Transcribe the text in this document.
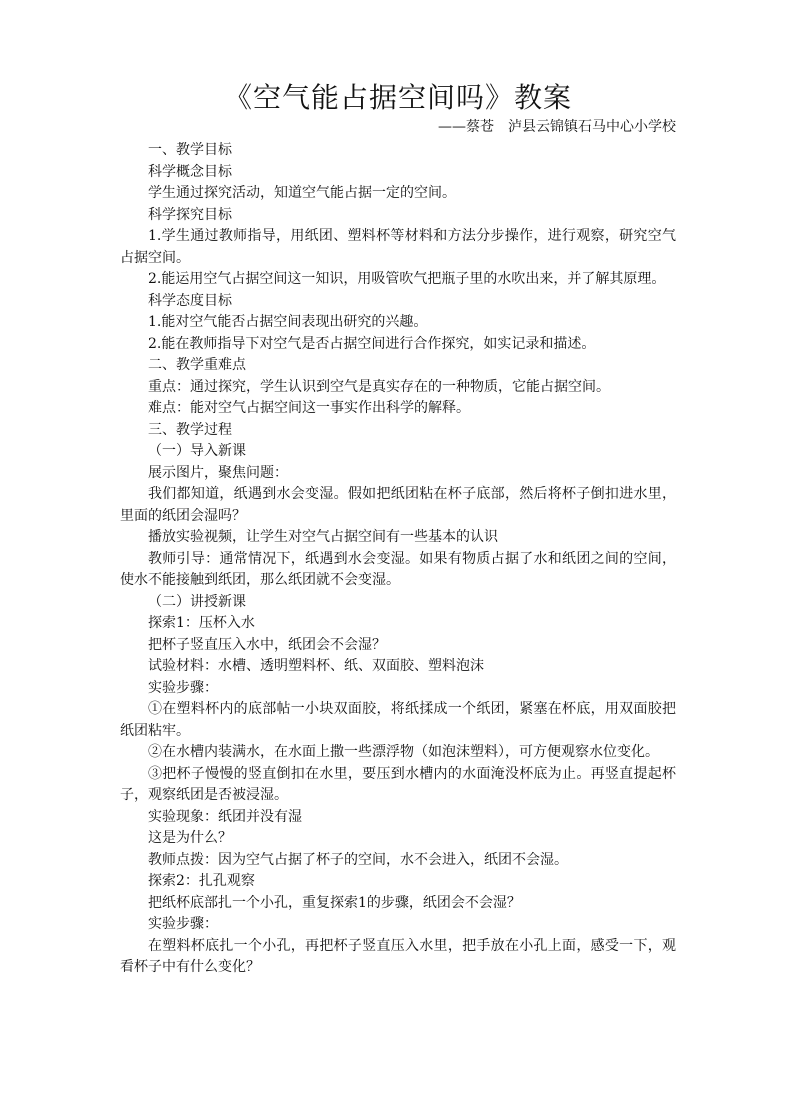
《空气能占据空间吗》教案
——蔡苍　泸县云锦镇石马中心小学校

一、教学目标

科学概念目标

学生通过探究活动，知道空气能占据一定的空间。

科学探究目标

1.学生通过教师指导，用纸团、塑料杯等材料和方法分步操作，进行观察，研究空气占据空间。

2.能运用空气占据空间这一知识，用吸管吹气把瓶子里的水吹出来，并了解其原理。

科学态度目标

1.能对空气能否占据空间表现出研究的兴趣。

2.能在教师指导下对空气是否占据空间进行合作探究，如实记录和描述。

二、教学重难点

重点：通过探究，学生认识到空气是真实存在的一种物质，它能占据空间。

难点：能对空气占据空间这一事实作出科学的解释。

三、教学过程

（一）导入新课

展示图片，聚焦问题：

我们都知道，纸遇到水会变湿。假如把纸团粘在杯子底部，然后将杯子倒扣进水里，里面的纸团会湿吗？

播放实验视频，让学生对空气占据空间有一些基本的认识

教师引导：通常情况下，纸遇到水会变湿。如果有物质占据了水和纸团之间的空间，使水不能接触到纸团，那么纸团就不会变湿。

（二）讲授新课

探索1：压杯入水

把杯子竖直压入水中，纸团会不会湿？

试验材料：水槽、透明塑料杯、纸、双面胶、塑料泡沫

实验步骤：

①在塑料杯内的底部帖一小块双面胶，将纸揉成一个纸团，紧塞在杯底，用双面胶把纸团粘牢。

②在水槽内装满水，在水面上撒一些漂浮物（如泡沫塑料），可方便观察水位变化。

③把杯子慢慢的竖直倒扣在水里，要压到水槽内的水面淹没杯底为止。再竖直提起杯子，观察纸团是否被浸湿。

实验现象：纸团并没有湿

这是为什么？

教师点拨：因为空气占据了杯子的空间，水不会进入，纸团不会湿。

探索2：扎孔观察

把纸杯底部扎一个小孔，重复探索1的步骤，纸团会不会湿？

实验步骤：

在塑料杯底扎一个小孔，再把杯子竖直压入水里，把手放在小孔上面，感受一下，观看杯子中有什么变化？
